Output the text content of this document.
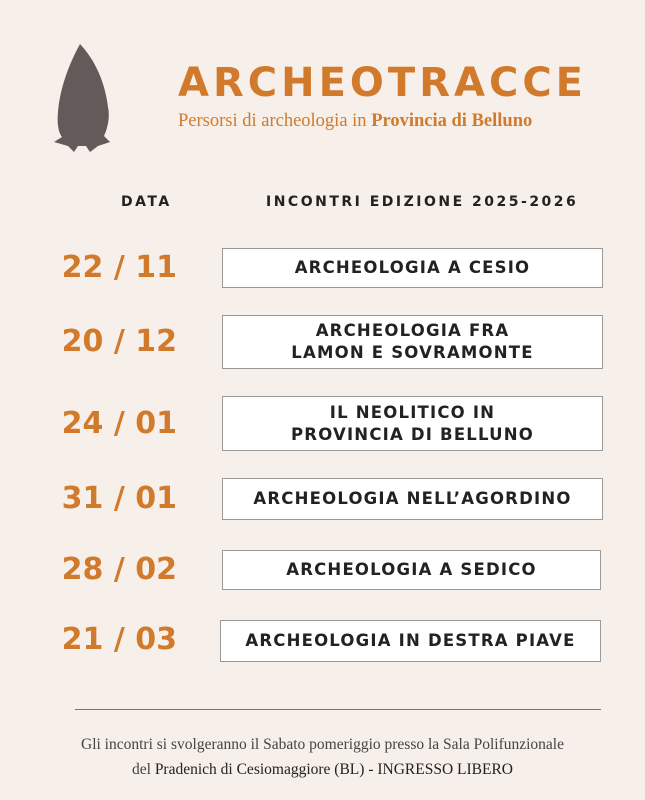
ARCHEOTRACCE
Persorsi di archeologia in Provincia di Belluno
DATA	INCONTRI EDIZIONE 2025-2026
22 / 11	ARCHEOLOGIA A CESIO
20 / 12	ARCHEOLOGIA FRA LAMON E SOVRAMONTE
24 / 01	IL NEOLITICO IN PROVINCIA DI BELLUNO
31 / 01	ARCHEOLOGIA NELL’AGORDINO
28 / 02	ARCHEOLOGIA A SEDICO
21 / 03	ARCHEOLOGIA IN DESTRA PIAVE
Gli incontri si svolgeranno il Sabato pomeriggio presso la Sala Polifunzionale
del Pradenich di Cesiomaggiore (BL) - INGRESSO LIBERO
